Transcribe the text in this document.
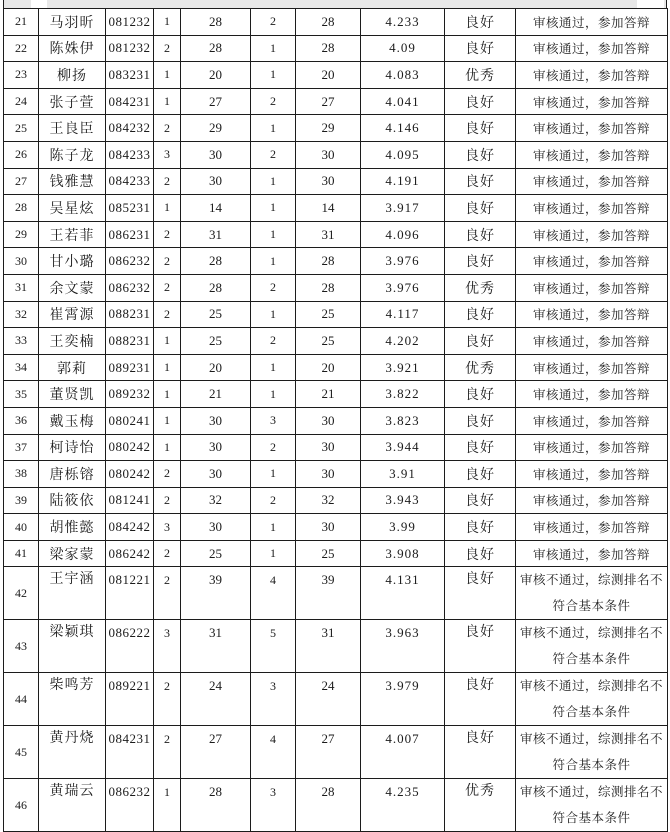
21	马羽昕	081232	1	28	2	28	4.233	良好	审核通过，参加答辩
22	陈姝伊	081232	2	28	1	28	4.09	良好	审核通过，参加答辩
23	柳扬	083231	1	20	1	20	4.083	优秀	审核通过，参加答辩
24	张子萱	084231	1	27	2	27	4.041	良好	审核通过，参加答辩
25	王良臣	084232	2	29	1	29	4.146	良好	审核通过，参加答辩
26	陈子龙	084233	3	30	2	30	4.095	良好	审核通过，参加答辩
27	钱雅慧	084233	2	30	1	30	4.191	良好	审核通过，参加答辩
28	吴星炫	085231	1	14	1	14	3.917	良好	审核通过，参加答辩
29	王若菲	086231	2	31	1	31	4.096	良好	审核通过，参加答辩
30	甘小璐	086232	2	28	1	28	3.976	良好	审核通过，参加答辩
31	余文蒙	086232	2	28	2	28	3.976	优秀	审核通过，参加答辩
32	崔霄源	088231	2	25	1	25	4.117	良好	审核通过，参加答辩
33	王奕楠	088231	1	25	2	25	4.202	良好	审核通过，参加答辩
34	郭莉	089231	1	20	1	20	3.921	优秀	审核通过，参加答辩
35	董贤凯	089232	1	21	1	21	3.822	良好	审核通过，参加答辩
36	戴玉梅	080241	1	30	3	30	3.823	良好	审核通过，参加答辩
37	柯诗怡	080242	1	30	2	30	3.944	良好	审核通过，参加答辩
38	唐栎镕	080242	2	30	1	30	3.91	良好	审核通过，参加答辩
39	陆筱依	081241	2	32	2	32	3.943	良好	审核通过，参加答辩
40	胡惟懿	084242	3	30	1	30	3.99	良好	审核通过，参加答辩
41	梁家蒙	086242	2	25	1	25	3.908	良好	审核通过，参加答辩
42	王宇涵	081221	2	39	4	39	4.131	良好	审核不通过，综测排名不符合基本条件
43	梁颖琪	086222	3	31	5	31	3.963	良好	审核不通过，综测排名不符合基本条件
44	柴鸣芳	089221	2	24	3	24	3.979	良好	审核不通过，综测排名不符合基本条件
45	黄丹烧	084231	2	27	4	27	4.007	良好	审核不通过，综测排名不符合基本条件
46	黄瑞云	086232	1	28	3	28	4.235	优秀	审核不通过，综测排名不符合基本条件
